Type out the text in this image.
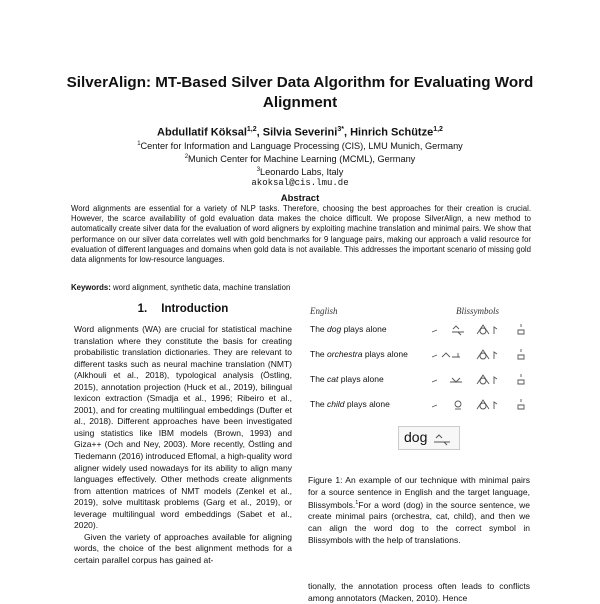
SilverAlign: MT-Based Silver Data Algorithm for Evaluating Word Alignment
Abdullatif Köksal$^{1,2}$, Silvia Severini$^{3*}$, Hinrich Schütze$^{1,2}$
$^1$Center for Information and Language Processing (CIS), LMU Munich, Germany
$^2$Munich Center for Machine Learning (MCML), Germany
$^3$Leonardo Labs, Italy
akoksal@cis.lmu.de
Abstract
Word alignments are essential for a variety of NLP tasks. Therefore, choosing the best approaches for their creation is crucial. However, the scarce availability of gold evaluation data makes the choice difficult. We propose SilverAlign, a new method to automatically create silver data for the evaluation of word aligners by exploiting machine translation and minimal pairs. We show that performance on our silver data correlates well with gold benchmarks for 9 language pairs, making our approach a valid resource for evaluation of different languages and domains when gold data is not available. This addresses the important scenario of missing gold data alignments for low-resource languages.
Keywords: word alignment, synthetic data, machine translation
1. Introduction

Word alignments (WA) are crucial for statistical machine translation where they constitute the basis for creating probabilistic translation dictionaries. They are relevant to different tasks such as neural machine translation (NMT) (Alkhouli et al., 2018), typological analysis (Östling, 2015), annotation projection (Huck et al., 2019), bilingual lexicon extraction (Smadja et al., 1996; Ribeiro et al., 2001), and for creating multilingual embeddings (Dufter et al., 2018). Different approaches have been investigated using statistics like IBM models (Brown, 1993) and Giza++ (Och and Ney, 2003). More recently, Östling and Tiedemann (2016) introduced Eflomal, a high-quality word aligner widely used nowadays for its ability to align many languages effectively. Other methods create alignments from attention matrices of NMT models (Zenkel et al., 2019), solve multitask problems (Garg et al., 2019), or leverage multilingual word embeddings (Sabet et al., 2020).

Given the variety of approaches available for aligning words, the choice of the best alignment methods for a certain parallel corpus has gained at-

English	Blissymbols
The dog plays alone
The orchestra plays alone
The cat plays alone
The child plays alone
dog
Figure 1: An example of our technique with minimal pairs for a source sentence in English and the target language, Blissymbols.$^1$For a word (dog) in the source sentence, we create minimal pairs (orchestra, cat, child), and then we can align the word dog to the correct symbol in Blissymbols with the help of translations.
tionally, the annotation process often leads to conflicts among annotators (Macken, 2010). Hence
